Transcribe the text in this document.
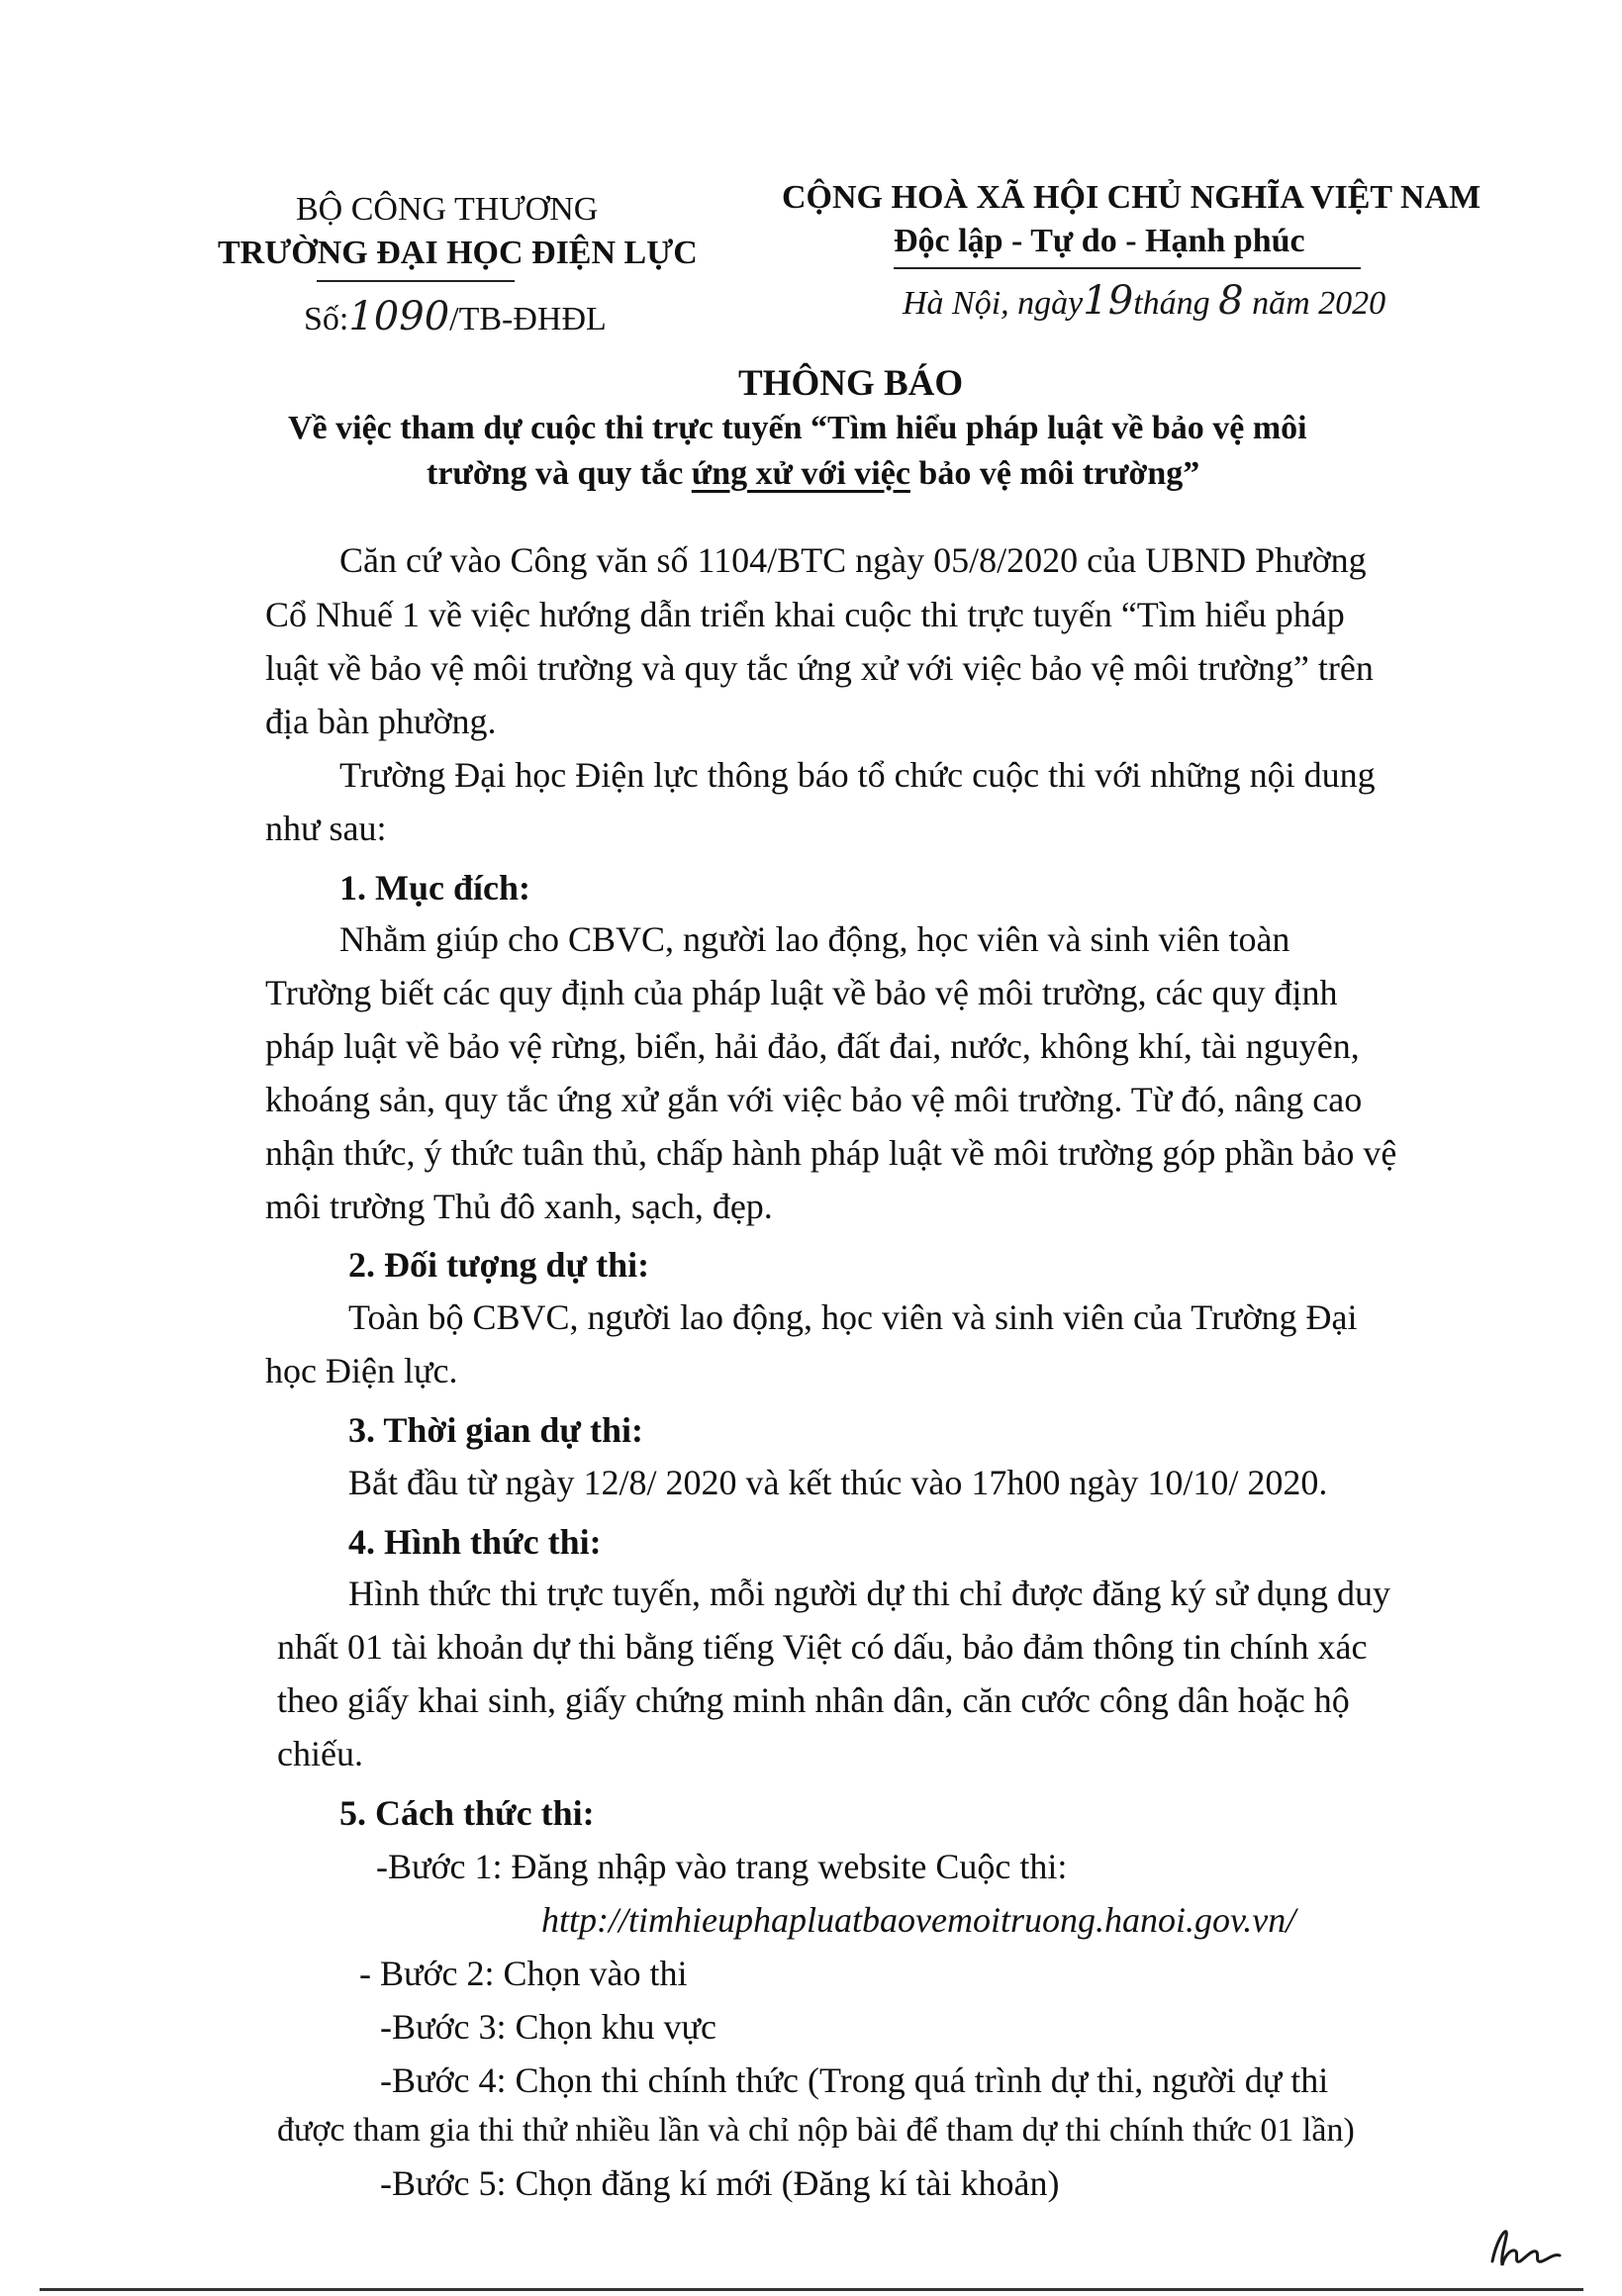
BỘ CÔNG THƯƠNG
TRƯỜNG ĐẠI HỌC ĐIỆN LỰC
Số:1090/TB-ĐHĐL
CỘNG HOÀ XÃ HỘI CHỦ NGHĨA VIỆT NAM
Độc lập - Tự do - Hạnh phúc
Hà Nội, ngày19tháng 8 năm 2020
THÔNG BÁO
Về việc tham dự cuộc thi trực tuyến “Tìm hiểu pháp luật về bảo vệ môi
trường và quy tắc ứng xử với việc bảo vệ môi trường”
Căn cứ vào Công văn số 1104/BTC ngày 05/8/2020 của UBND Phường
Cổ Nhuế 1 về việc hướng dẫn triển khai cuộc thi trực tuyến “Tìm hiểu pháp
luật về bảo vệ môi trường và quy tắc ứng xử với việc bảo vệ môi trường” trên
địa bàn phường.
Trường Đại học Điện lực thông báo tổ chức cuộc thi với những nội dung
như sau:
1. Mục đích:
Nhằm giúp cho CBVC, người lao động, học viên và sinh viên toàn
Trường biết các quy định của pháp luật về bảo vệ môi trường, các quy định
pháp luật về bảo vệ rừng, biển, hải đảo, đất đai, nước, không khí, tài nguyên,
khoáng sản, quy tắc ứng xử gắn với việc bảo vệ môi trường. Từ đó, nâng cao
nhận thức, ý thức tuân thủ, chấp hành pháp luật về môi trường góp phần bảo vệ
môi trường Thủ đô xanh, sạch, đẹp.
2. Đối tượng dự thi:
Toàn bộ CBVC, người lao động, học viên và sinh viên của Trường Đại
học Điện lực.
3. Thời gian dự thi:
Bắt đầu từ ngày 12/8/ 2020 và kết thúc vào 17h00 ngày 10/10/ 2020.
4. Hình thức thi:
Hình thức thi trực tuyến, mỗi người dự thi chỉ được đăng ký sử dụng duy
nhất 01 tài khoản dự thi bằng tiếng Việt có dấu, bảo đảm thông tin chính xác
theo giấy khai sinh, giấy chứng minh nhân dân, căn cước công dân hoặc hộ
chiếu.
5. Cách thức thi:
-Bước 1: Đăng nhập vào trang website Cuộc thi:
http://timhieuphapluatbaovemoitruong.hanoi.gov.vn/
- Bước 2: Chọn vào thi
-Bước 3: Chọn khu vực
-Bước 4: Chọn thi chính thức (Trong quá trình dự thi, người dự thi
được tham gia thi thử nhiều lần và chỉ nộp bài để tham dự thi chính thức 01 lần)
-Bước 5: Chọn đăng kí mới (Đăng kí tài khoản)
